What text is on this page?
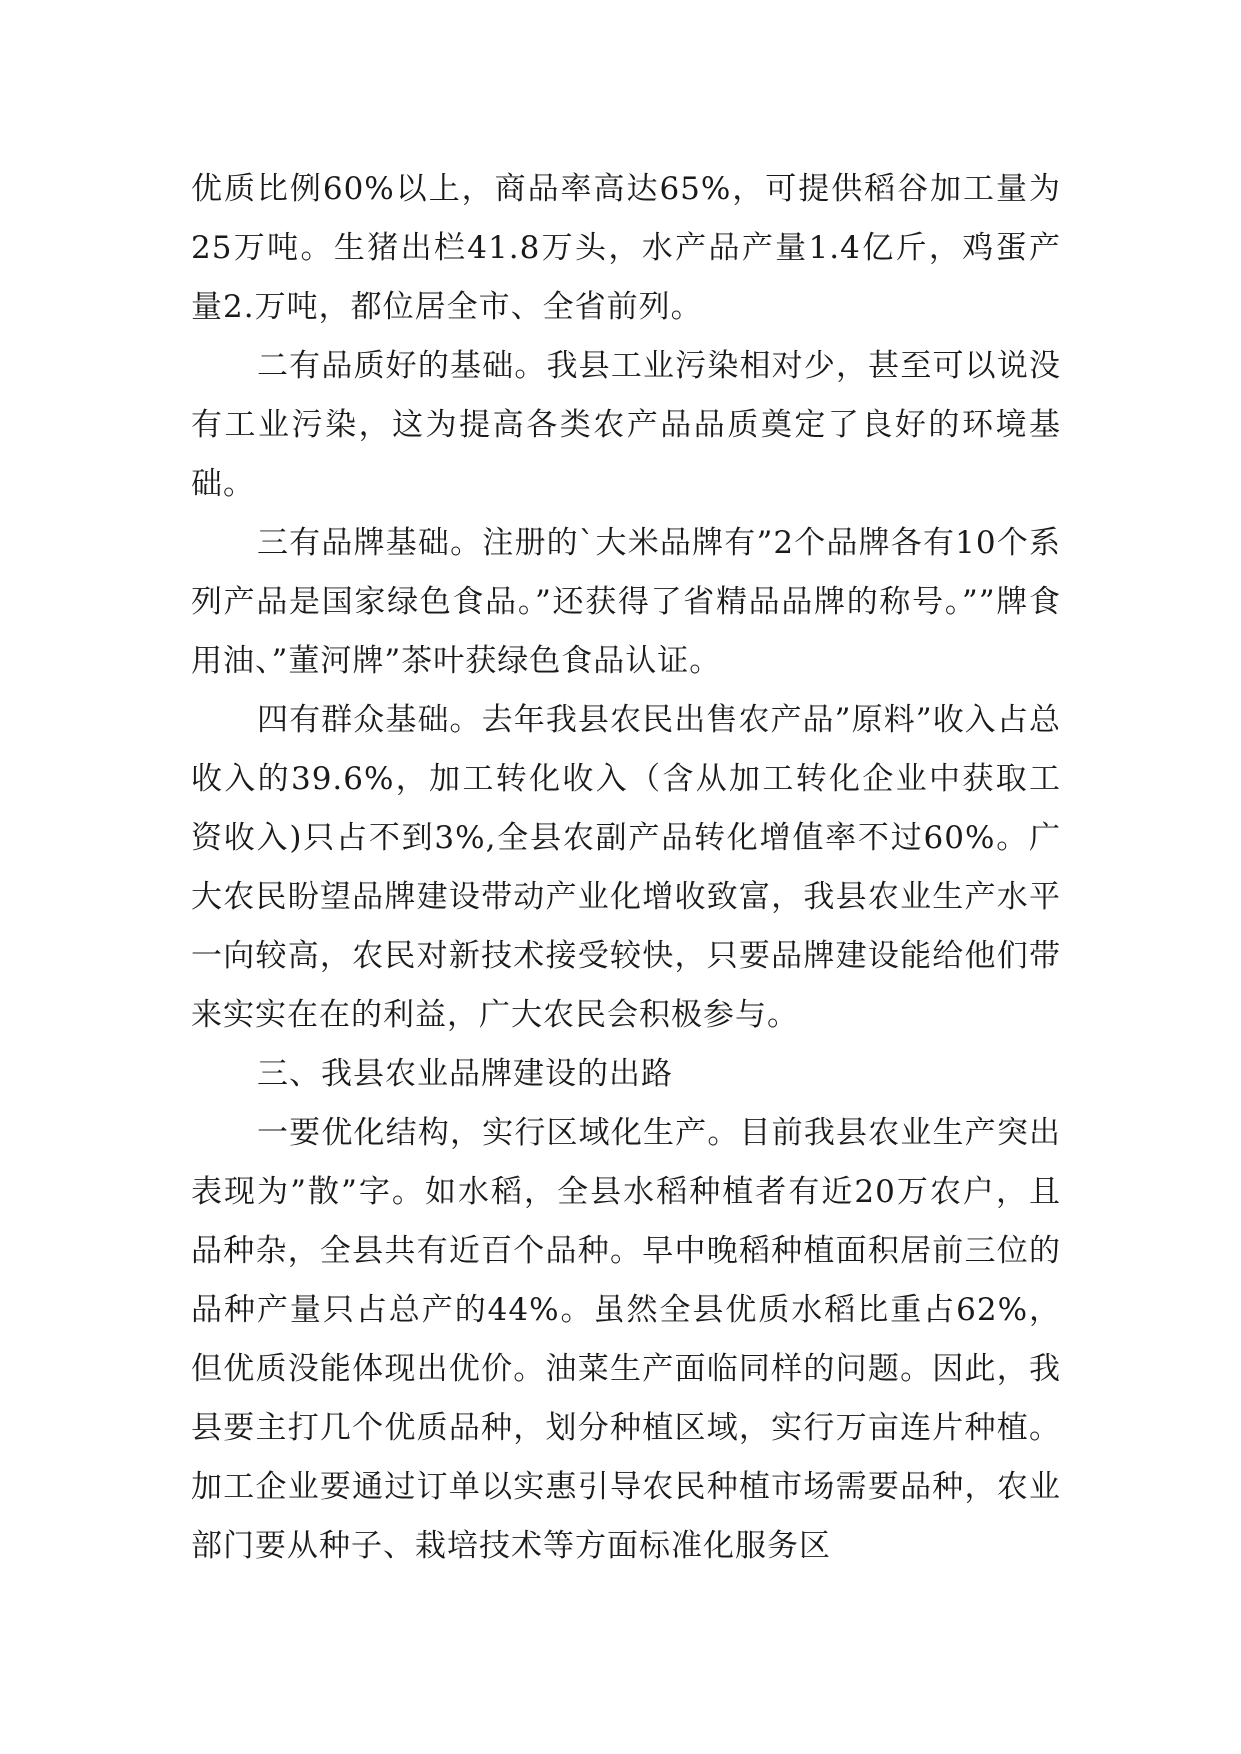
优质比例60%以上，商品率高达65%，可提供稻谷加工量为25万吨。生猪出栏41.8万头，水产品产量1.4亿斤，鸡蛋产量2.万吨，都位居全市、全省前列。

二有品质好的基础。我县工业污染相对少，甚至可以说没有工业污染，这为提高各类农产品品质奠定了良好的环境基础。

三有品牌基础。注册的`大米品牌有”2个品牌各有10个系列产品是国家绿色食品。”还获得了省精品品牌的称号。””牌食用油、”董河牌”茶叶获绿色食品认证。

四有群众基础。去年我县农民出售农产品”原料”收入占总收入的39.6%，加工转化收入（含从加工转化企业中获取工资收入)只占不到3%,全县农副产品转化增值率不过60%。广大农民盼望品牌建设带动产业化增收致富，我县农业生产水平一向较高，农民对新技术接受较快，只要品牌建设能给他们带来实实在在的利益，广大农民会积极参与。

三、我县农业品牌建设的出路

一要优化结构，实行区域化生产。目前我县农业生产突出表现为”散”字。如水稻，全县水稻种植者有近20万农户，且品种杂，全县共有近百个品种。早中晚稻种植面积居前三位的品种产量只占总产的44%。虽然全县优质水稻比重占62%，但优质没能体现出优价。油菜生产面临同样的问题。因此，我县要主打几个优质品种，划分种植区域，实行万亩连片种植。加工企业要通过订单以实惠引导农民种植市场需要品种，农业部门要从种子、栽培技术等方面标准化服务区
